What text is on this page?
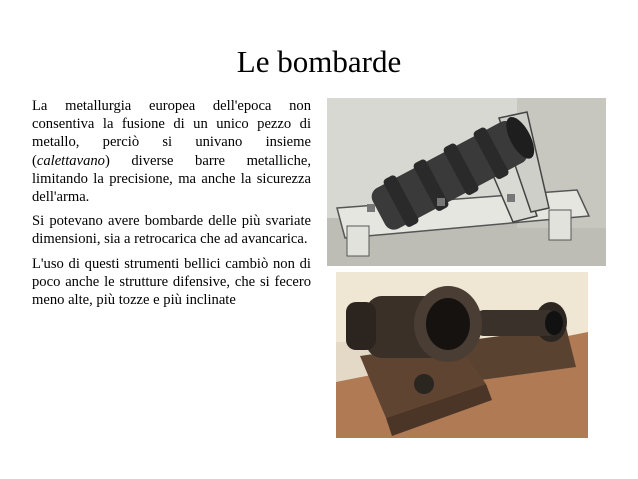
Le bombarde

La metallurgia europea dell'epoca non consentiva la fusione di un unico pezzo di metallo, perciò si univano insieme (calettavano) diverse barre metalliche, limitando la precisione, ma anche la sicurezza dell'arma.

Si potevano avere bombarde delle più svariate dimensioni, sia a retrocarica che ad avancarica.

L'uso di questi strumenti bellici cambiò non di poco anche le strutture difensive, che si fecero meno alte, più tozze e più inclinate
